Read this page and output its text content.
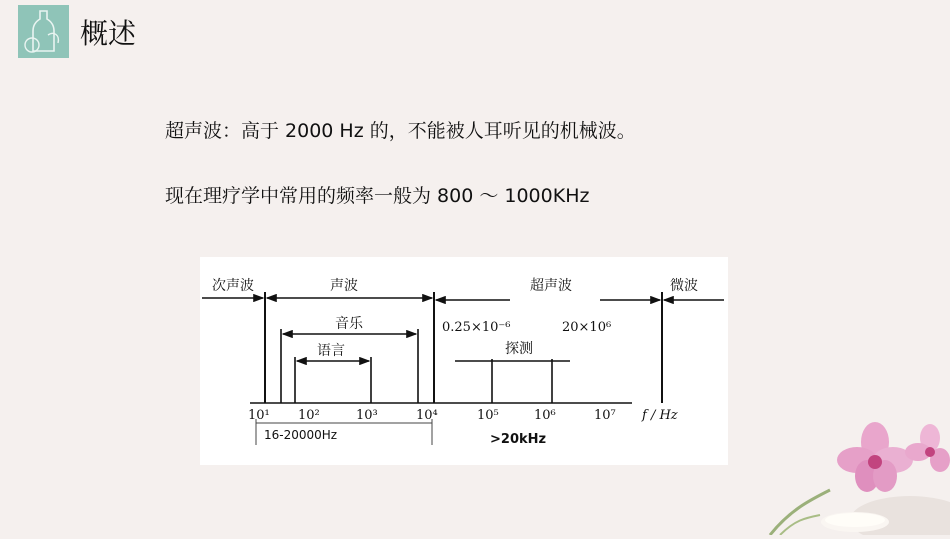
概述
超声波：高于 2000 Hz 的，不能被人耳听见的机械波。
现在理疗学中常用的频率一般为 800 ～ 1000KHz
次声波	声波	超声波	微波
音乐
语言	探测
0.25×10⁻⁶	20×10⁶
10¹ 10²	10³	10⁴	10⁵	10⁶	10⁷ f / Hz
16-20000Hz	>20kHz
